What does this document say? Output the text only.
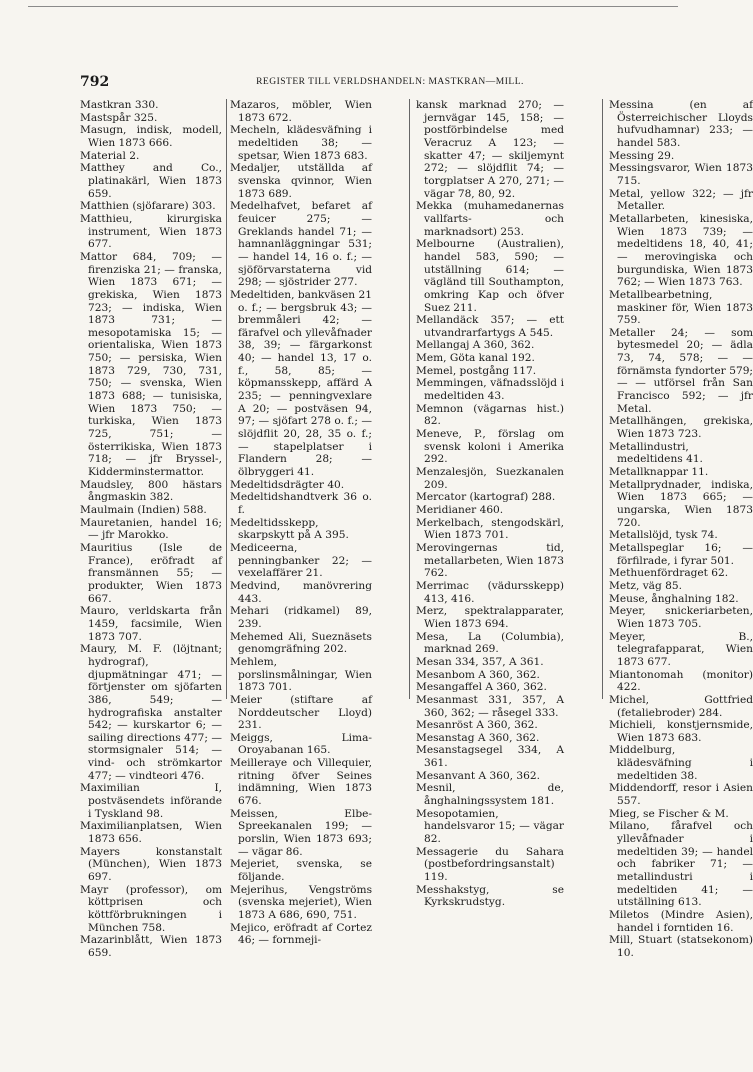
792	REGISTER TILL VERLDSHANDELN: MASTKRAN—MILL.
Mastkran 330.
Mastspår 325.
Masugn, indisk, modell, Wien 1873 666.
Material 2.
Matthey and Co., platinakärl, Wien 1873 659.
Matthien (sjöfarare) 303.
Matthieu, kirurgiska instrument, Wien 1873 677.
Mattor 684, 709; — firenziska 21; — franska, Wien 1873 671; — grekiska, Wien 1873 723; — indiska, Wien 1873 731; — mesopotamiska 15; — orientaliska, Wien 1873 750; — persiska, Wien 1873 729, 730, 731, 750; — svenska, Wien 1873 688; — tunisiska, Wien 1873 750; — turkiska, Wien 1873 725, 751; — österrikiska, Wien 1873 718; — jfr Bryssel-, Kidderminstermattor.
Maudsley, 800 hästars ångmaskin 382.
Maulmain (Indien) 588.
Mauretanien, handel 16; — jfr Marokko.
Mauritius (Isle de France), eröfradt af fransmännen 55; — produkter, Wien 1873 667.
Mauro, verldskarta från 1459, facsimile, Wien 1873 707.
Maury, M. F. (löjtnant; hydrograf), djupmätningar 471; — förtjenster om sjöfarten 386, 549; — hydrografiska anstalter 542; — kurskartor 6; — sailing directions 477; — stormsignaler 514; — vind- och strömkartor 477; — vindteori 476.
Maximilian I, postväsendets införande i Tyskland 98.
Maximilianplatsen, Wien 1873 656.
Mayers konstanstalt (München), Wien 1873 697.
Mayr (professor), om köttprisen och köttförbrukningen i München 758.
Mazarinblått, Wien 1873 659.
Mazaros, möbler, Wien 1873 672.
Mecheln, klädesväfning i medeltiden 38; — spetsar, Wien 1873 683.
Medaljer, utställda af svenska qvinnor, Wien 1873 689.
Medelhafvet, befaret af feuicer 275; — Greklands handel 71; — hamnanläggningar 531; — handel 14, 16 o. f.; — sjöförvarstaterna vid 298; — sjöstrider 277.
Medeltiden, bankväsen 21 o. f.; — bergsbruk 43; — bremmåleri 42; — färafvel och yllevåfnader 38, 39; — färgarkonst 40; — handel 13, 17 o. f., 58, 85; — köpmansskepp, affärd A 235; — penningvexlare A 20; — postväsen 94, 97; — sjöfart 278 o. f.; — slöjdflit 20, 28, 35 o. f.; — stapelplatser i Flandern 28; — ölbryggeri 41.
Medeltidsdrägter 40.
Medeltidshandtverk 36 o. f.
Medeltidsskepp, skarpskytt på A 395.
Mediceerna, penningbanker 22; — vexelaffärer 21.
Medvind, manövrering 443.
Mehari (ridkamel) 89, 239.
Mehemed Ali, Sueznäsets genomgräfning 202.
Mehlem, porslinsmålningar, Wien 1873 701.
Meier (stiftare af Norddeutscher Lloyd) 231.
Meiggs, Lima-Oroyabanan 165.
Meilleraye och Villequier, ritning öfver Seines indämning, Wien 1873 676.
Meissen, Elbe-Spreekanalen 199; — porslin, Wien 1873 693; — vägar 86.
Mejeriet, svenska, se följande.
Mejerihus, Vengströms (svenska mejeriet), Wien 1873 A 686, 690, 751.
Mejico, eröfradt af Cortez 46; — fornmeji-
kansk marknad 270; — jernvägar 145, 158; — postförbindelse med Veracruz A 123; — skatter 47; — skiljemynt 272; — slöjdflit 74; — torgplatser A 270, 271; — vägar 78, 80, 92.
Mekka (muhamedanernas vallfarts- och marknadsort) 253.
Melbourne (Australien), handel 583, 590; — utställning 614; — vägländ till Southampton, omkring Kap och öfver Suez 211.
Mellandäck 357; — ett utvandrarfartygs A 545.
Mellangaj A 360, 362.
Mem, Göta kanal 192.
Memel, postgång 117.
Memmingen, väfnadsslöjd i medeltiden 43.
Memnon (vägarnas hist.) 82.
Meneve, P., förslag om svensk koloni i Amerika 292.
Menzalesjön, Suezkanalen 209.
Mercator (kartograf) 288.
Meridianer 460.
Merkelbach, stengodskärl, Wien 1873 701.
Merovingernas tid, metallarbeten, Wien 1873 762.
Merrimac (vädursskepp) 413, 416.
Merz, spektralapparater, Wien 1873 694.
Mesa, La (Columbia), marknad 269.
Mesan 334, 357, A 361.
Mesanbom A 360, 362.
Mesangaffel A 360, 362.
Mesanmast 331, 357, A 360, 362; — råsegel 333.
Mesanröst A 360, 362.
Mesanstag A 360, 362.
Mesanstagsegel 334, A 361.
Mesanvant A 360, 362.
Mesnil, de, ånghalningssystem 181.
Mesopotamien, handelsvaror 15; — vägar 82.
Messagerie du Sahara (postbefordringsanstalt) 119.
Messhakstyg, se Kyrkskrudstyg.
Messina (en af Österreichischer Lloyds hufvudhamnar) 233; — handel 583.
Messing 29.
Messingsvaror, Wien 1873 715.
Metal, yellow 322; — jfr Metaller.
Metallarbeten, kinesiska, Wien 1873 739; — medeltidens 18, 40, 41; — merovingiska och burgundiska, Wien 1873 762; — Wien 1873 763.
Metallbearbetning, maskiner för, Wien 1873 759.
Metaller 24; — som bytesmedel 20; — ädla 73, 74, 578; — — förnämsta fyndorter 579; — — utförsel från San Francisco 592; — jfr Metal.
Metallhängen, grekiska, Wien 1873 723.
Metallindustri, medeltidens 41.
Metallknappar 11.
Metallprydnader, indiska, Wien 1873 665; — ungarska, Wien 1873 720.
Metallslöjd, tysk 74.
Metallspeglar 16; — förfilrade, i fyrar 501.
Methuenfördraget 62.
Metz, väg 85.
Meuse, ånghalning 182.
Meyer, snickeriarbeten, Wien 1873 705.
Meyer, B., telegrafapparat, Wien 1873 677.
Miantonomah (monitor) 422.
Michel, Gottfried (fetaliebroder) 284.
Michieli, konstjernsmide, Wien 1873 683.
Middelburg, klädesväfning i medeltiden 38.
Middendorff, resor i Asien 557.
Mieg, se Fischer & M.
Milano, fårafvel och yllevåfnader i medeltiden 39; — handel och fabriker 71; — metallindustri i medeltiden 41; — utställning 613.
Miletos (Mindre Asien), handel i forntiden 16.
Mill, Stuart (statsekonom) 10.
